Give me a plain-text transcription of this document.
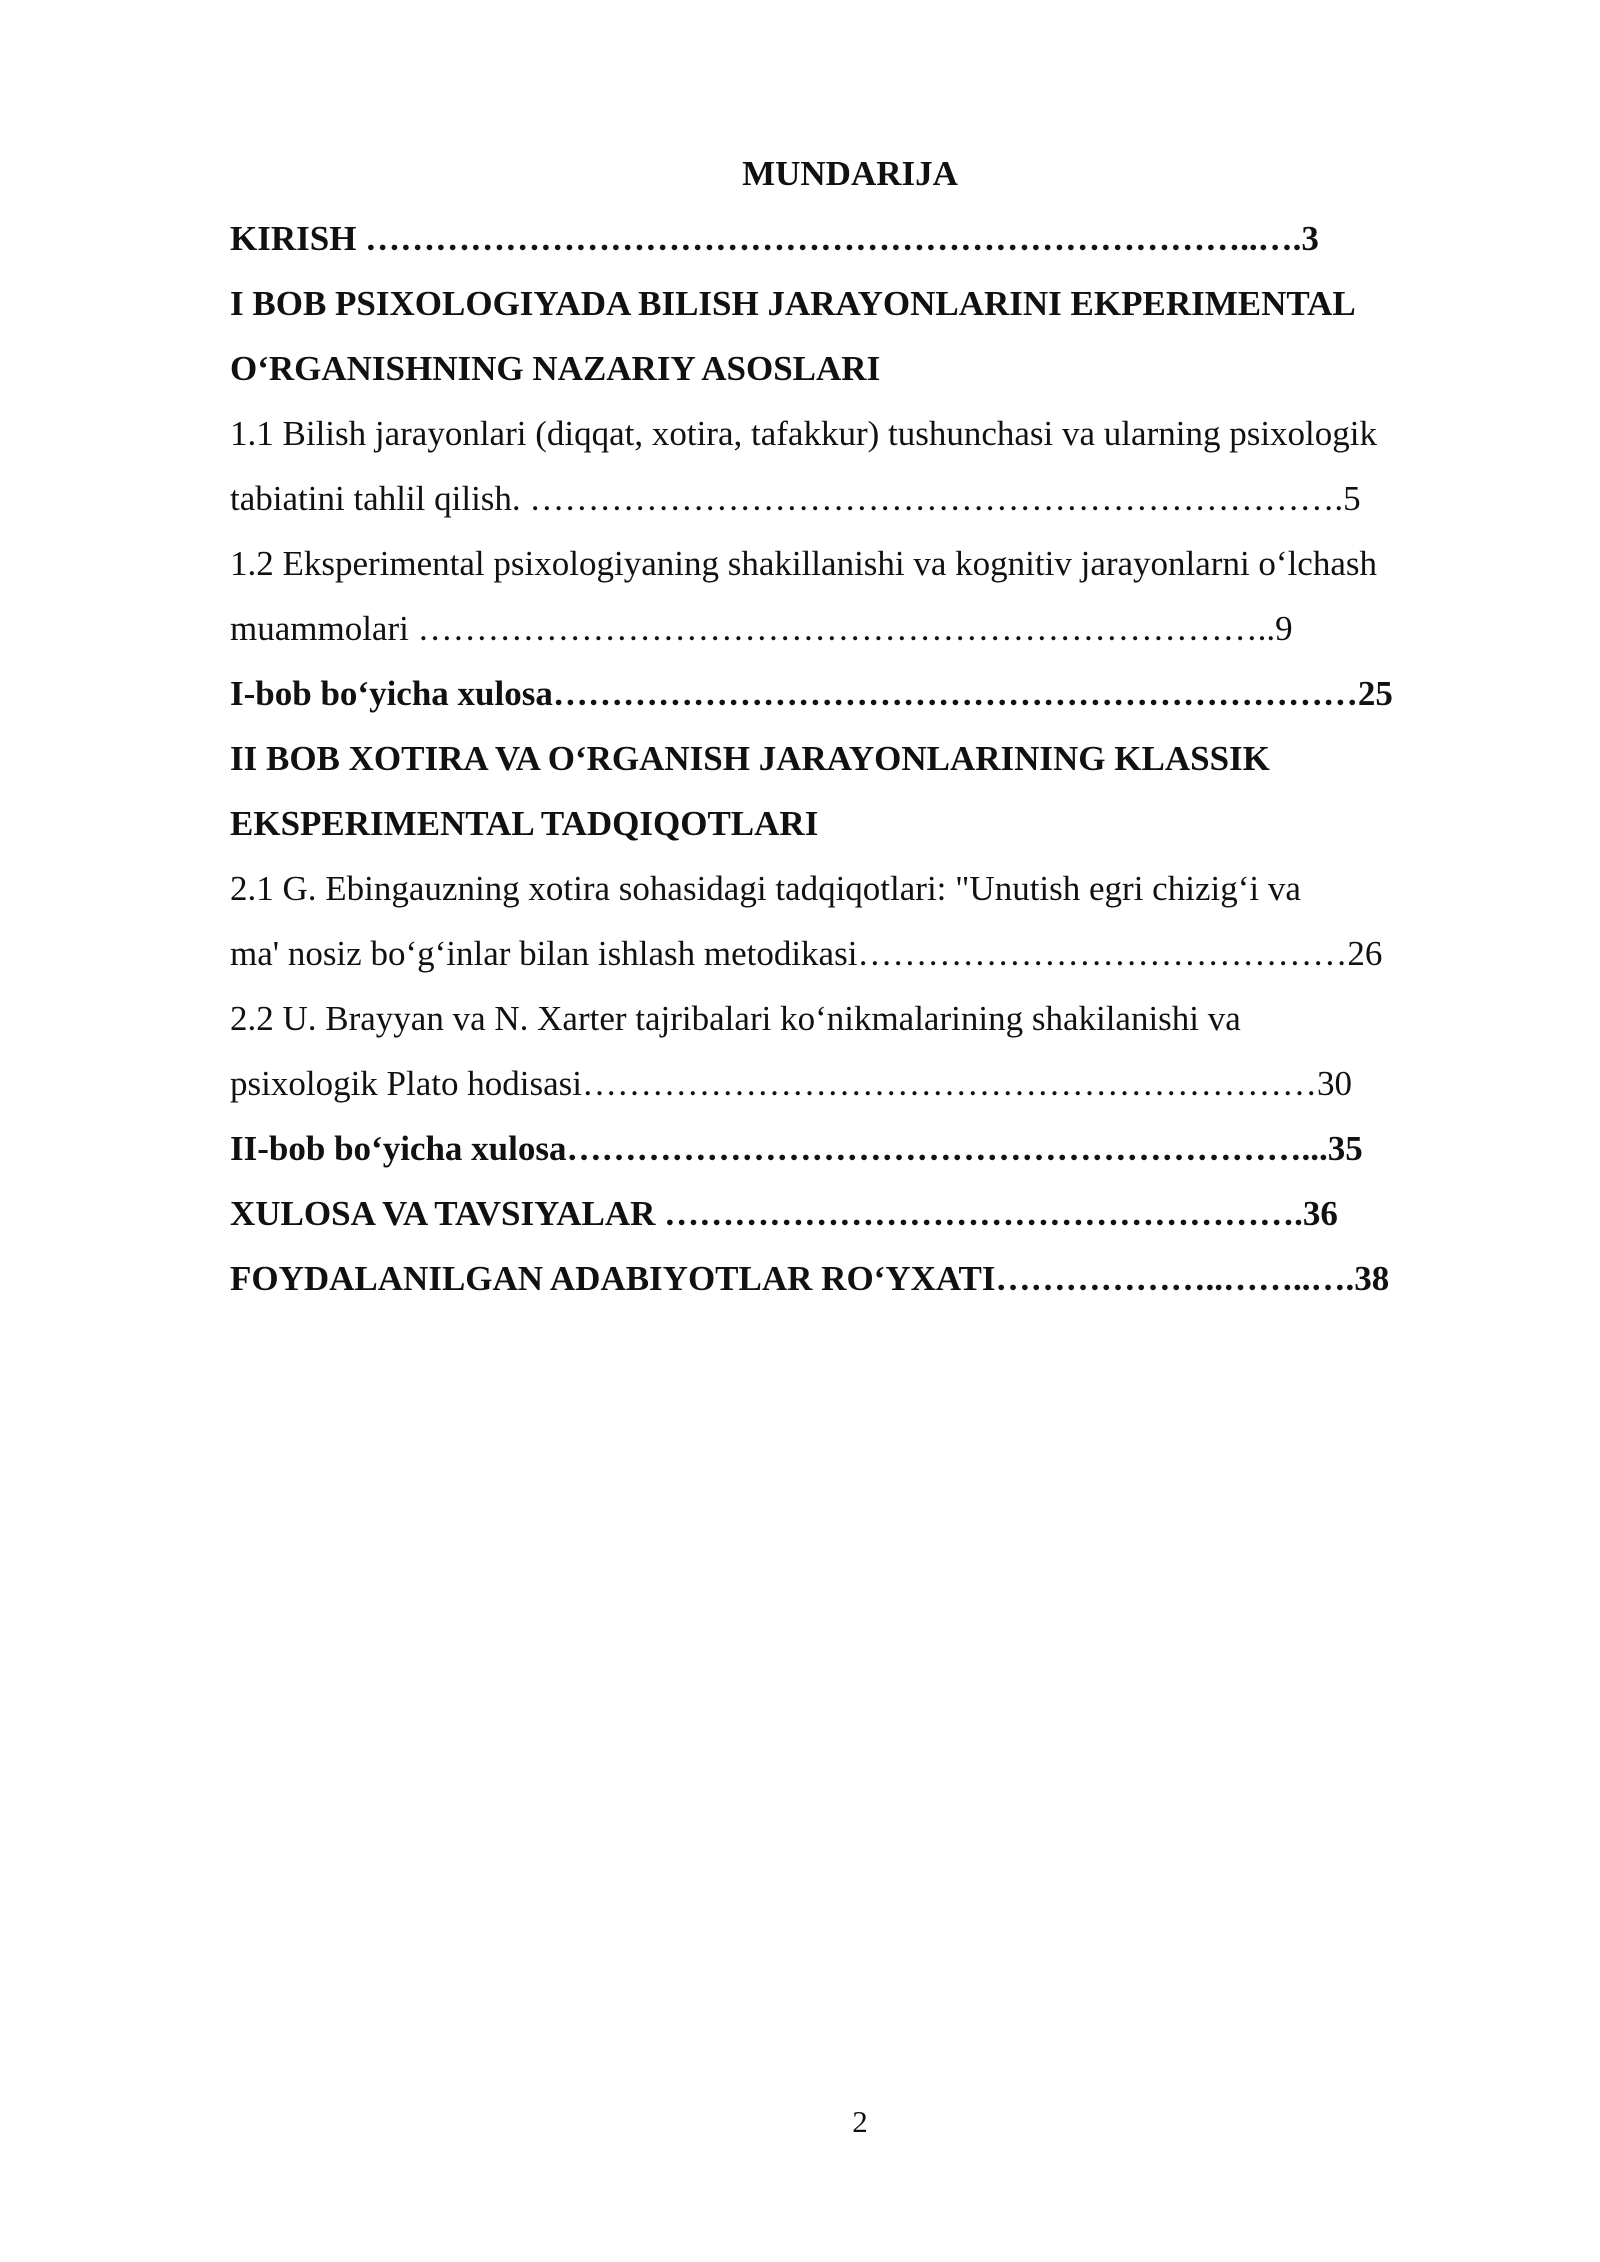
MUNDARIJA
KIRISH …………………………………………………………………..….3
I BOB PSIXOLOGIYADA BILISH JARAYONLARINI EKPERIMENTAL
O‘RGANISHNING NAZARIY ASOSLARI
1.1 Bilish jarayonlari (diqqat, xotira, tafakkur) tushunchasi va ularning psixologik
tabiatini tahlil qilish. …………………………………………………………….5
1.2 Eksperimental psixologiyaning shakillanishi va kognitiv jarayonlarni o‘lchash
muammolari ………………………………………………………………..9
I-bob bo‘yicha xulosa……………………………………………………………25
II BOB XOTIRA VA O‘RGANISH JARAYONLARINING KLASSIK
EKSPERIMENTAL TADQIQOTLARI
2.1 G. Ebingauzning xotira sohasidagi tadqiqotlari: "Unutish egri chizig‘i va
ma' nosiz bo‘g‘inlar bilan ishlash metodikasi……………………………………26
2.2 U. Brayyan va N. Xarter tajribalari ko‘nikmalarining shakilanishi va
psixologik Plato hodisasi………………………………………………………30
II-bob bo‘yicha xulosa………………………………………………………...35
XULOSA VA TAVSIYALAR ……………………………………………….36
FOYDALANILGAN ADABIYOTLAR RO‘YXATI………………..……..….38
2
